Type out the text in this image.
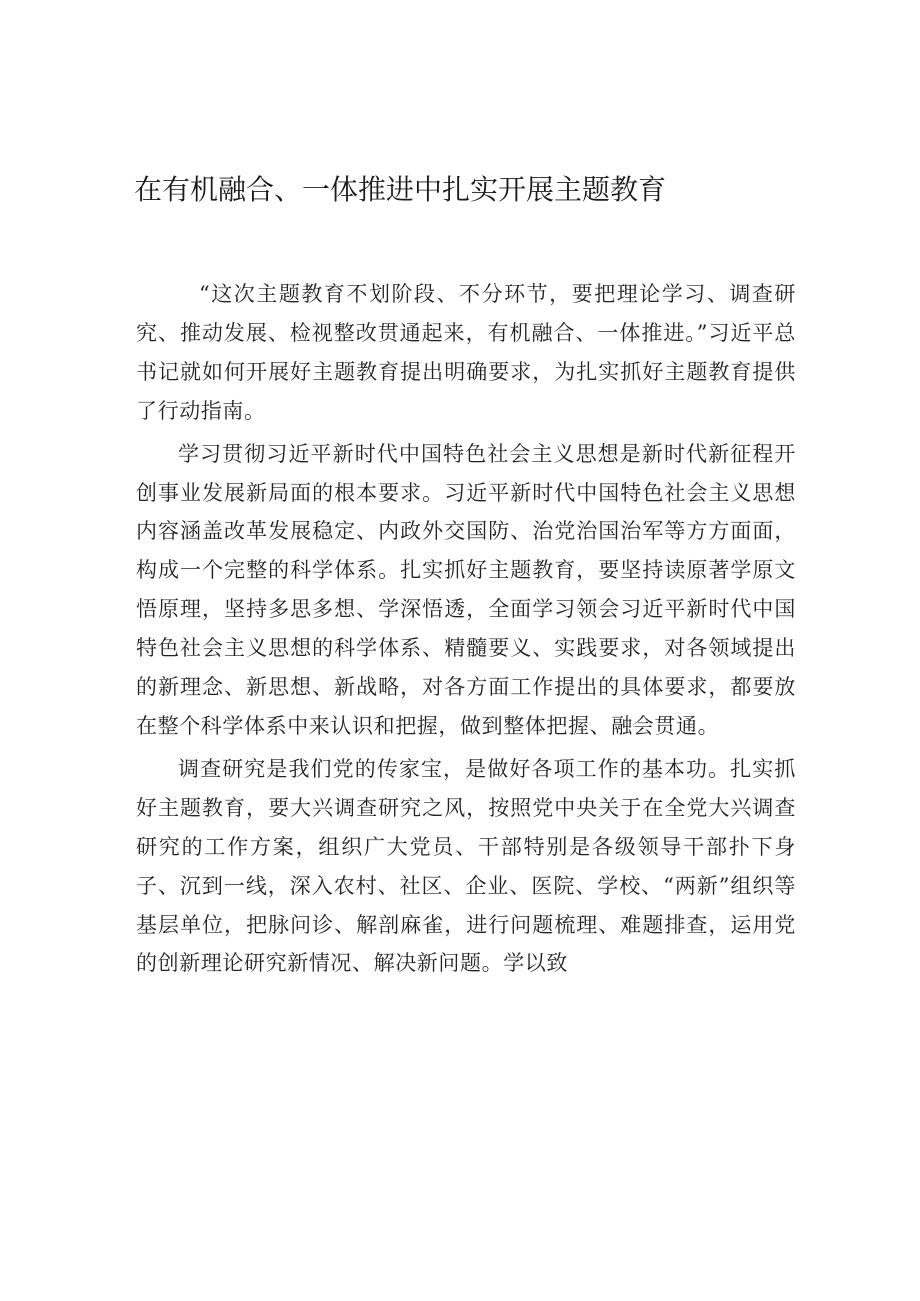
在有机融合、一体推进中扎实开展主题教育

“这次主题教育不划阶段、不分环节，要把理论学习、调查研究、推动发展、检视整改贯通起来，有机融合、一体推进。”习近平总书记就如何开展好主题教育提出明确要求，为扎实抓好主题教育提供了行动指南。

学习贯彻习近平新时代中国特色社会主义思想是新时代新征程开创事业发展新局面的根本要求。习近平新时代中国特色社会主义思想内容涵盖改革发展稳定、内政外交国防、治党治国治军等方方面面，构成一个完整的科学体系。扎实抓好主题教育，要坚持读原著学原文悟原理，坚持多思多想、学深悟透，全面学习领会习近平新时代中国特色社会主义思想的科学体系、精髓要义、实践要求，对各领域提出的新理念、新思想、新战略，对各方面工作提出的具体要求，都要放在整个科学体系中来认识和把握，做到整体把握、融会贯通。

调查研究是我们党的传家宝，是做好各项工作的基本功。扎实抓好主题教育，要大兴调查研究之风，按照党中央关于在全党大兴调查研究的工作方案，组织广大党员、干部特别是各级领导干部扑下身子、沉到一线，深入农村、社区、企业、医院、学校、“两新”组织等基层单位，把脉问诊、解剖麻雀，进行问题梳理、难题排查，运用党的创新理论研究新情况、解决新问题。学以致
